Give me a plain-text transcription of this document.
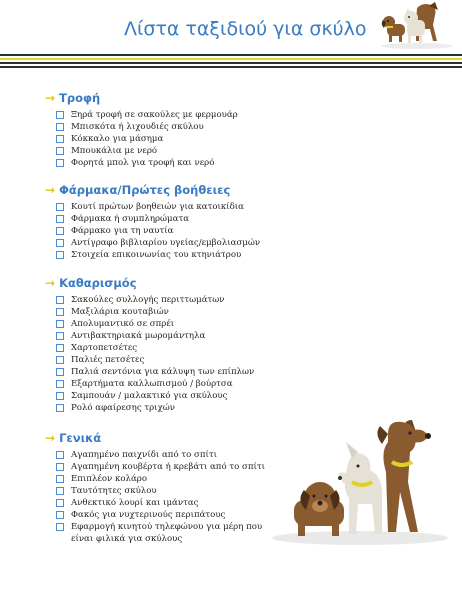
Λίστα ταξιδιού για σκύλο
→ Τροφή
Ξηρά τροφή σε σακούλες με φερμουάρ
Μπισκότα ή λιχουδιές σκύλου
Κόκκαλο για μάσημα
Μπουκάλια με νερό
Φορητά μπολ για τροφή και νερό
→ Φάρμακα/Πρώτες βοήθειες
Κουτί πρώτων βοηθειών για κατοικίδια
Φάρμακα ή συμπληρώματα
Φάρμακο για τη ναυτία
Αντίγραφο βιβλιαρίου υγείας/εμβολιασμών
Στοιχεία επικοινωνίας του κτηνιάτρου
→ Καθαρισμός
Σακούλες συλλογής περιττωμάτων
Μαξιλάρια κουταβιών
Απολυμαντικό σε σπρέι
Αντιβακτηριακά μωρομάντηλα
Χαρτοπετσέτες
Παλιές πετσέτες
Παλιά σεντόνια για κάλυψη των επίπλων
Εξαρτήματα καλλωπισμού / βούρτσα
Σαμπουάν / μαλακτικό για σκύλους
Ρολό αφαίρεσης τριχών
→ Γενικά
Αγαπημένο παιχνίδι από το σπίτι
Αγαπημένη κουβέρτα ή κρεβάτι από το σπίτι
Επιπλέον κολάρο
Ταυτότητες σκύλου
Ανθεκτικό λουρί και ιμάντας
Φακός για νυχτερινούς περιπάτους
Εφαρμογή κινητού τηλεφώνου για μέρη που είναι φιλικά για σκύλους
